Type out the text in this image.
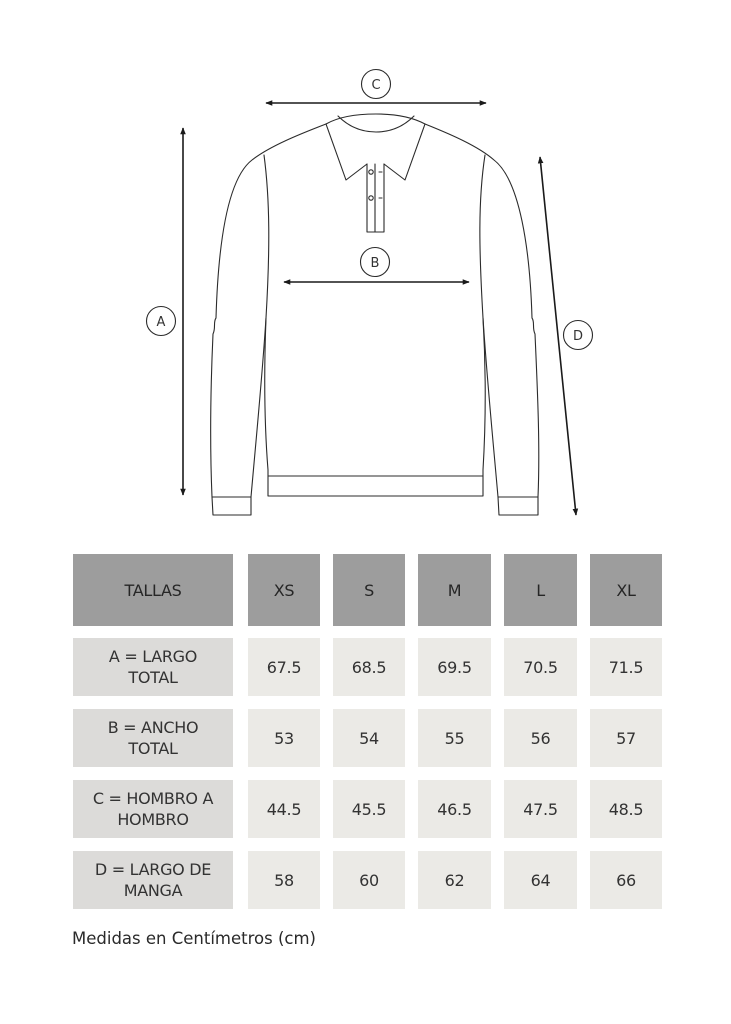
C
B
A
D
TALLAS	XS	S	M	L	XL
A = LARGO
TOTAL
67.5	68.5	69.5	70.5	71.5
B = ANCHO
TOTAL
53	54	55	56	57
C = HOMBRO A
HOMBRO
44.5	45.5	46.5	47.5	48.5
D = LARGO DE
MANGA
58	60	62	64	66
Medidas en Centímetros (cm)
